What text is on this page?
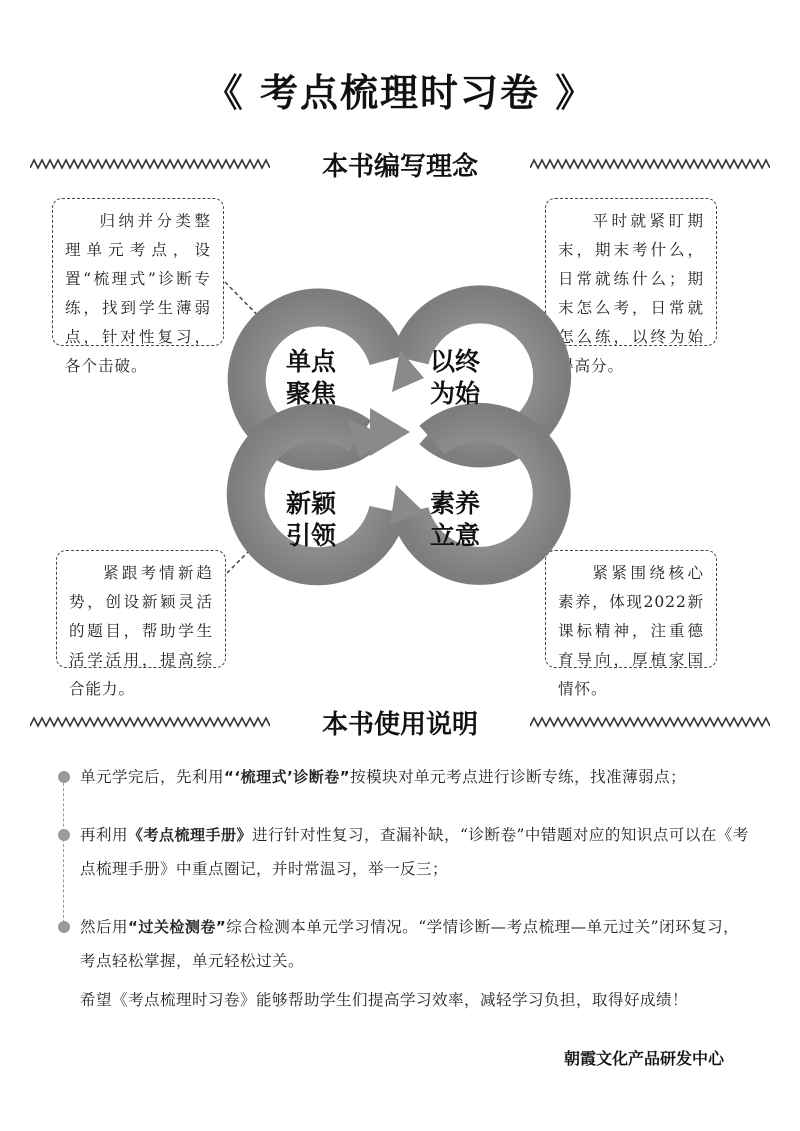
《 考点梳理时习卷 》
本书编写理念
归纳并分类整理单元考点，设置“梳理式”诊断专练，找到学生薄弱点，针对性复习，各个击破。
平时就紧盯期末，期末考什么，日常就练什么；期末怎么考，日常就怎么练，以终为始得高分。
紧跟考情新趋势，创设新颖灵活的题目，帮助学生活学活用，提高综合能力。
紧紧围绕核心素养，体现2022新课标精神，注重德育导向，厚植家国情怀。
单点
聚焦
以终
为始
新颖
引领
素养
立意
本书使用说明
单元学完后，先利用“‘梳理式’诊断卷”按模块对单元考点进行诊断专练，找准薄弱点；
再利用《考点梳理手册》进行针对性复习，查漏补缺，“诊断卷”中错题对应的知识点可以在《考点梳理手册》中重点圈记，并时常温习，举一反三；
然后用“过关检测卷”综合检测本单元学习情况。“学情诊断—考点梳理—单元过关”闭环复习，考点轻松掌握，单元轻松过关。
希望《考点梳理时习卷》能够帮助学生们提高学习效率，减轻学习负担，取得好成绩！
朝霞文化产品研发中心
